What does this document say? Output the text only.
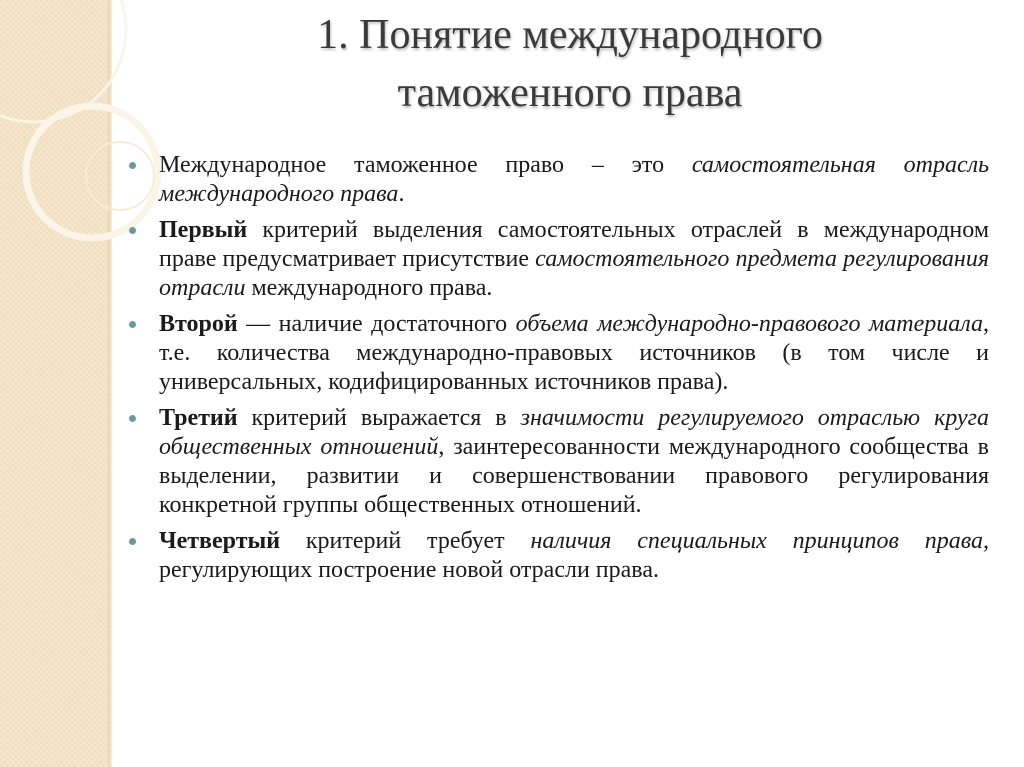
1. Понятие международного
таможенного права
Международное таможенное право – это самостоятельная отрасль международного права.
Первый критерий выделения самостоятельных отраслей в международном праве предусматривает присутствие самостоятельного предмета регулирования отрасли международного права.
Второй — наличие достаточного объема международно-правового материала, т.е. количества международно-правовых источников (в том числе и универсальных, кодифицированных источников права).
Третий критерий выражается в значимости регулируемого отраслью круга общественных отношений, заинтересованности международного сообщества в выделении, развитии и совершенствовании правового регулирования конкретной группы общественных отношений.
Четвертый критерий требует наличия специальных принципов права, регулирующих построение новой отрасли права.
